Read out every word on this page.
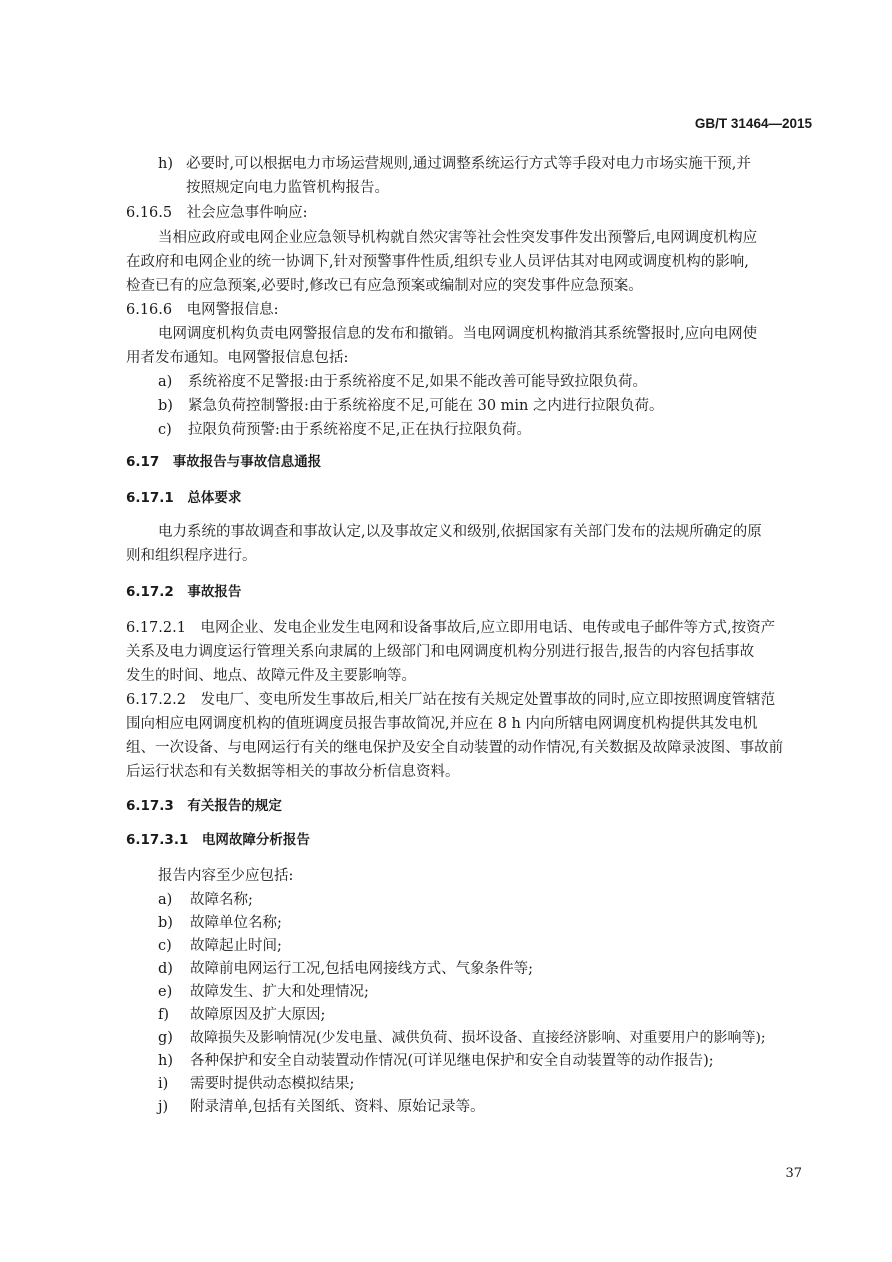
GB/T 31464—2015
h) 必要时,可以根据电力市场运营规则,通过调整系统运行方式等手段对电力市场实施干预,并
按照规定向电力监管机构报告。
6.16.5　社会应急事件响应:
当相应政府或电网企业应急领导机构就自然灾害等社会性突发事件发出预警后,电网调度机构应
在政府和电网企业的统一协调下,针对预警事件性质,组织专业人员评估其对电网或调度机构的影响,
检查已有的应急预案,必要时,修改已有应急预案或编制对应的突发事件应急预案。
6.16.6　电网警报信息:
电网调度机构负责电网警报信息的发布和撤销。当电网调度机构撤消其系统警报时,应向电网使
用者发布通知。电网警报信息包括:
a) 系统裕度不足警报:由于系统裕度不足,如果不能改善可能导致拉限负荷。
b) 紧急负荷控制警报:由于系统裕度不足,可能在 30 min 之内进行拉限负荷。
c) 拉限负荷预警:由于系统裕度不足,正在执行拉限负荷。
6.17　事故报告与事故信息通报
6.17.1　总体要求
电力系统的事故调查和事故认定,以及事故定义和级别,依据国家有关部门发布的法规所确定的原
则和组织程序进行。
6.17.2　事故报告
6.17.2.1　电网企业、发电企业发生电网和设备事故后,应立即用电话、电传或电子邮件等方式,按资产
关系及电力调度运行管理关系向隶属的上级部门和电网调度机构分别进行报告,报告的内容包括事故
发生的时间、地点、故障元件及主要影响等。
6.17.2.2　发电厂、变电所发生事故后,相关厂站在按有关规定处置事故的同时,应立即按照调度管辖范
围向相应电网调度机构的值班调度员报告事故简况,并应在 8 h 内向所辖电网调度机构提供其发电机
组、一次设备、与电网运行有关的继电保护及安全自动装置的动作情况,有关数据及故障录波图、事故前
后运行状态和有关数据等相关的事故分析信息资料。
6.17.3　有关报告的规定
6.17.3.1　电网故障分析报告
报告内容至少应包括:
a) 故障名称;
b) 故障单位名称;
c) 故障起止时间;
d) 故障前电网运行工况,包括电网接线方式、气象条件等;
e) 故障发生、扩大和处理情况;
f) 故障原因及扩大原因;
g) 故障损失及影响情况(少发电量、减供负荷、损坏设备、直接经济影响、对重要用户的影响等);
h) 各种保护和安全自动装置动作情况(可详见继电保护和安全自动装置等的动作报告);
i) 需要时提供动态模拟结果;
j) 附录清单,包括有关图纸、资料、原始记录等。
37
